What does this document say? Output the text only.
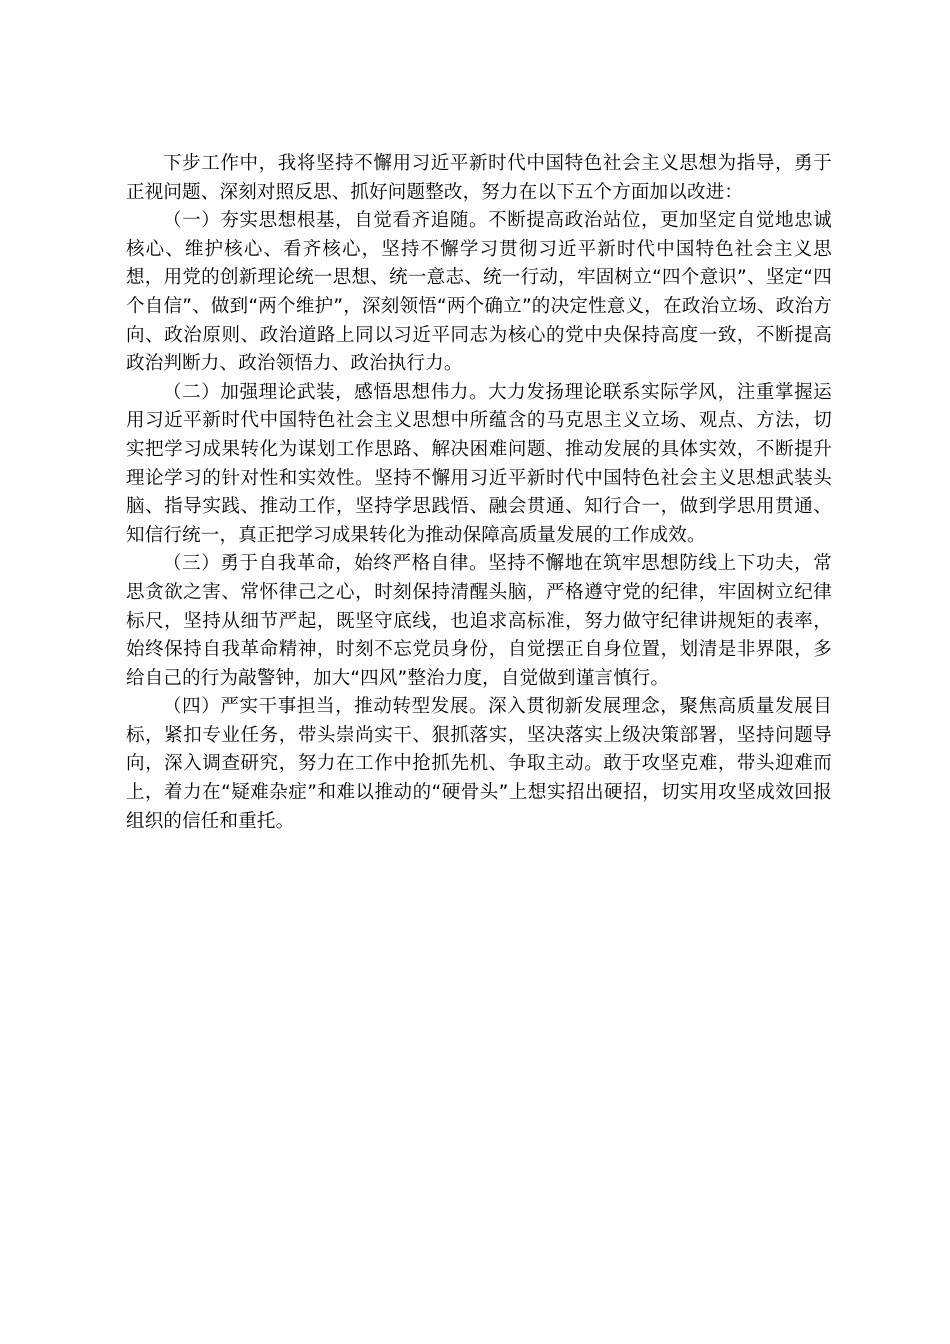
下步工作中，我将坚持不懈用习近平新时代中国特色社会主义思想为指导，勇于正视问题、深刻对照反思、抓好问题整改，努力在以下五个方面加以改进：

（一）夯实思想根基，自觉看齐追随。不断提高政治站位，更加坚定自觉地忠诚核心、维护核心、看齐核心，坚持不懈学习贯彻习近平新时代中国特色社会主义思想，用党的创新理论统一思想、统一意志、统一行动，牢固树立“四个意识”、坚定“四个自信”、做到“两个维护”，深刻领悟“两个确立”的决定性意义，在政治立场、政治方向、政治原则、政治道路上同以习近平同志为核心的党中央保持高度一致，不断提高政治判断力、政治领悟力、政治执行力。

（二）加强理论武装，感悟思想伟力。大力发扬理论联系实际学风，注重掌握运用习近平新时代中国特色社会主义思想中所蕴含的马克思主义立场、观点、方法，切实把学习成果转化为谋划工作思路、解决困难问题、推动发展的具体实效，不断提升理论学习的针对性和实效性。坚持不懈用习近平新时代中国特色社会主义思想武装头脑、指导实践、推动工作，坚持学思践悟、融会贯通、知行合一，做到学思用贯通、知信行统一，真正把学习成果转化为推动保障高质量发展的工作成效。

（三）勇于自我革命，始终严格自律。坚持不懈地在筑牢思想防线上下功夫，常思贪欲之害、常怀律己之心，时刻保持清醒头脑，严格遵守党的纪律，牢固树立纪律标尺，坚持从细节严起，既坚守底线，也追求高标准，努力做守纪律讲规矩的表率，始终保持自我革命精神，时刻不忘党员身份，自觉摆正自身位置，划清是非界限，多给自己的行为敲警钟，加大“四风”整治力度，自觉做到谨言慎行。

（四）严实干事担当，推动转型发展。深入贯彻新发展理念，聚焦高质量发展目标，紧扣专业任务，带头崇尚实干、狠抓落实，坚决落实上级决策部署，坚持问题导向，深入调查研究，努力在工作中抢抓先机、争取主动。敢于攻坚克难，带头迎难而上，着力在“疑难杂症”和难以推动的“硬骨头”上想实招出硬招，切实用攻坚成效回报组织的信任和重托。
